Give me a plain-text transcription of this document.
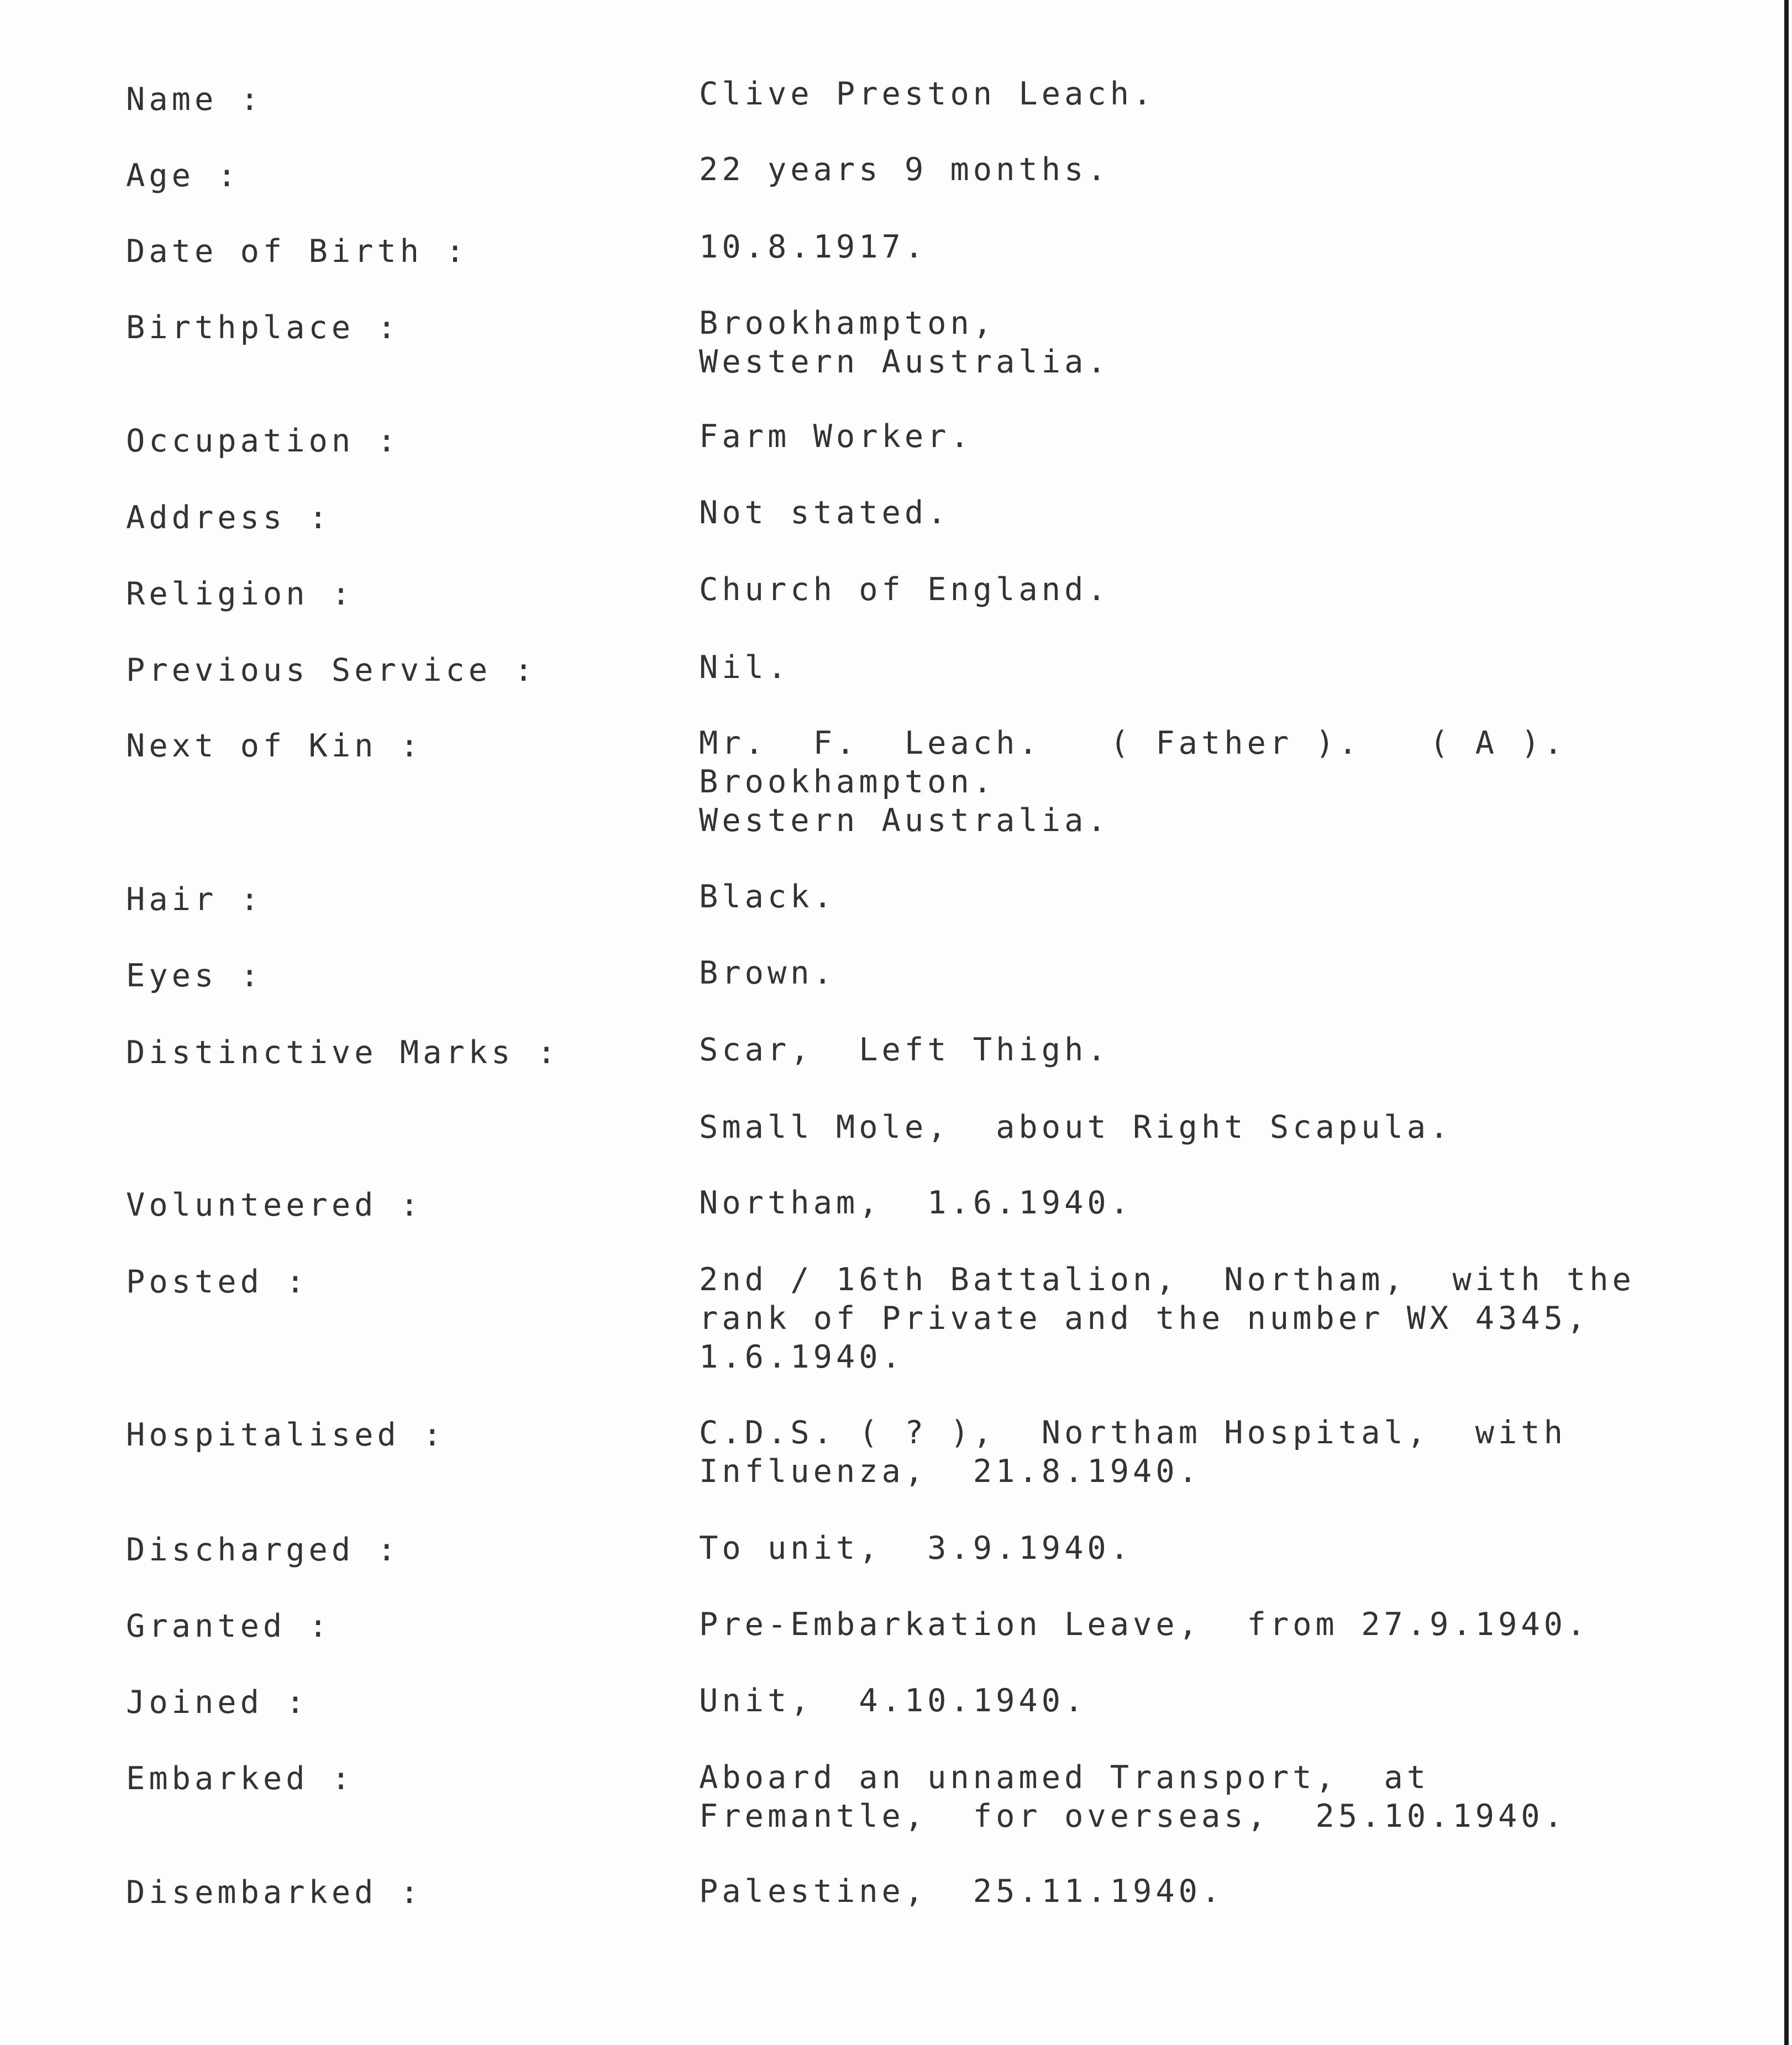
Name :	Clive Preston Leach.
Age :	22 years 9 months.
Date of Birth :	10.8.1917.
Birthplace :	Brookhampton,
Western Australia.
Occupation :	Farm Worker.
Address :	Not stated.
Religion :	Church of England.
Previous Service :	Nil.
Next of Kin :	Mr.  F.  Leach.   ( Father ).   ( A ).
Brookhampton.
Western Australia.
Hair :	Black.
Eyes :	Brown.
Distinctive Marks :	Scar,  Left Thigh.
Small Mole,  about Right Scapula.
Volunteered :	Northam,  1.6.1940.
Posted :	2nd / 16th Battalion,  Northam,  with the
rank of Private and the number WX 4345,
1.6.1940.
Hospitalised :	C.D.S. ( ? ),  Northam Hospital,  with
Influenza,  21.8.1940.
Discharged :	To unit,  3.9.1940.
Granted :	Pre-Embarkation Leave,  from 27.9.1940.
Joined :	Unit,  4.10.1940.
Embarked :	Aboard an unnamed Transport,  at
Fremantle,  for overseas,  25.10.1940.
Disembarked :	Palestine,  25.11.1940.
